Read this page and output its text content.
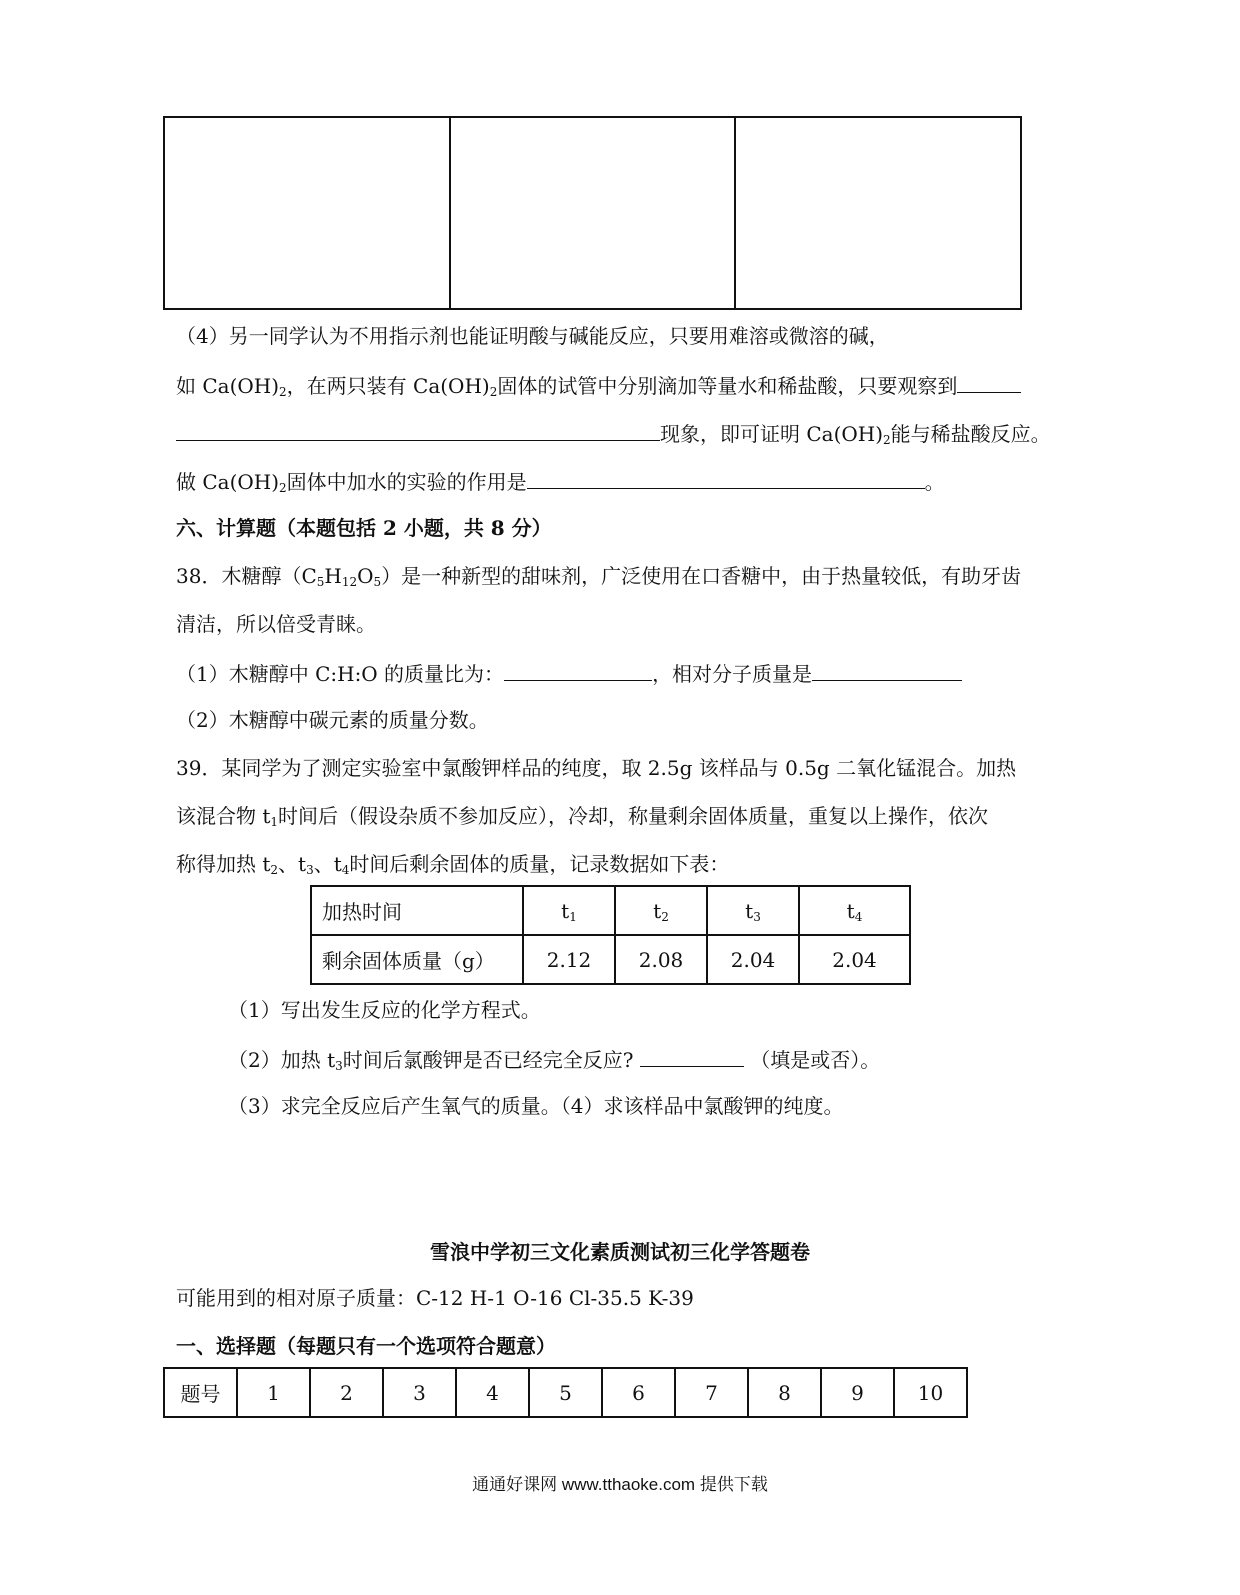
（4）另一同学认为不用指示剂也能证明酸与碱能反应，只要用难溶或微溶的碱，
如 $Ca(OH)_2$，在两只装有 $Ca(OH)_2$固体的试管中分别滴加等量水和稀盐酸，只要观察到
现象，即可证明 $Ca(OH)_2$能与稀盐酸反应。
做 $Ca(OH)_2$固体中加水的实验的作用是	。
六、计算题（本题包括 2 小题，共 8 分）
38．木糖醇$(C_5H_{12}O_5)$是一种新型的甜味剂，广泛使用在口香糖中，由于热量较低，有助牙齿
清洁，所以倍受青睐。
（1）木糖醇中 C:H:O 的质量比为：	，相对分子质量是
（2）木糖醇中碳元素的质量分数。
39．某同学为了测定实验室中氯酸钾样品的纯度，取 2.5g 该样品与 0.5g 二氧化锰混合。加热
该混合物 $t_1$时间后（假设杂质不参加反应），冷却，称量剩余固体质量，重复以上操作，依次
称得加热 $t_2$、$t_3$、$t_4$时间后剩余固体的质量，记录数据如下表：
加热时间	$t_1$	$t_2$	$t_3$	$t_4$
剩余固体质量（g）	2.12	2.08	2.04	2.04
（1）写出发生反应的化学方程式。
（2）加热 $t_3$时间后氯酸钾是否已经完全反应?	（填是或否）。
（3）求完全反应后产生氧气的质量。（4）求该样品中氯酸钾的纯度。
雪浪中学初三文化素质测试初三化学答题卷
可能用到的相对原子质量：C-12 H-1 O-16 Cl-35.5 K-39
一、选择题（每题只有一个选项符合题意）
题号	1	2	3	4	5	6	7	8	9	10
通通好课网 www.tthaoke.com 提供下载
